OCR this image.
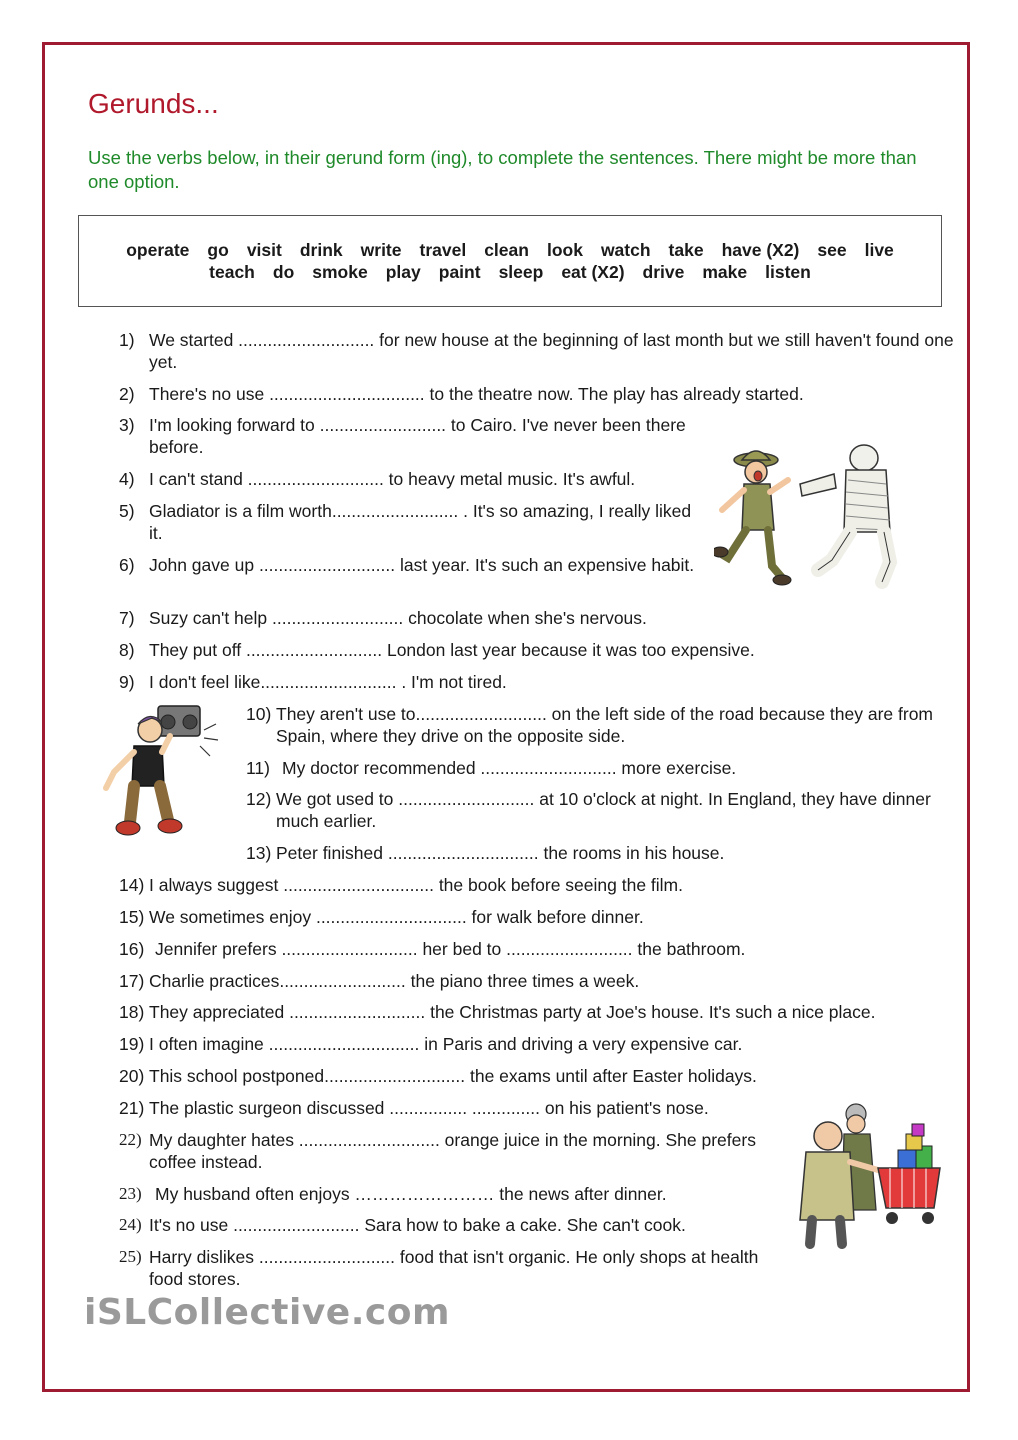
Gerunds...
Use the verbs below, in their gerund form (ing), to complete the sentences. There might be more than one option.
operate go visit drink write travel clean look watch take have (X2) see live
teach do smoke play paint sleep eat (X2) drive make listen
1) We started ............................ for new house at the beginning of last month but we still haven't found one yet.
2) There's no use ................................ to the theatre now. The play has already started.
3) I'm looking forward to .......................... to Cairo. I've never been there before.
4) I can't stand ............................ to heavy metal music. It's awful.
5) Gladiator is a film worth.......................... . It's so amazing, I really liked it.
6) John gave up ............................ last year. It's such an expensive habit.
7) Suzy can't help ........................... chocolate when she's nervous.
8) They put off ............................ London last year because it was too expensive.
9) I don't feel like............................ . I'm not tired.
10) They aren't use to........................... on the left side of the road because they are from Spain, where they drive on the opposite side.
11) My doctor recommended ............................ more exercise.
12) We got used to ............................ at 10 o'clock at night. In England, they have dinner much earlier.
13) Peter finished ............................... the rooms in his house.
14) I always suggest ............................... the book before seeing the film.
15) We sometimes enjoy ............................... for walk before dinner.
16) Jennifer prefers ............................ her bed to .......................... the bathroom.
17) Charlie practices.......................... the piano three times a week.
18) They appreciated ............................ the Christmas party at Joe's house. It's such a nice place.
19) I often imagine ............................... in Paris and driving a very expensive car.
20) This school postponed............................. the exams until after Easter holidays.
21) The plastic surgeon discussed ................ .............. on his patient's nose.
22) My daughter hates ............................. orange juice in the morning. She prefers coffee instead.
23) My husband often enjoys …………………… the news after dinner.
24) It's no use .......................... Sara how to bake a cake. She can't cook.
25) Harry dislikes ............................ food that isn't organic. He only shops at health food stores.
iSLCollective.com
